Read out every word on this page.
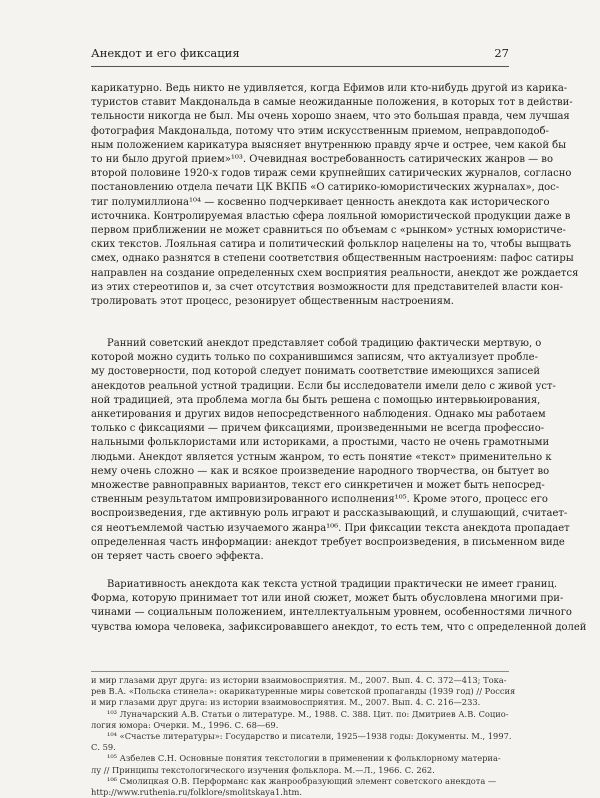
Анекдот и его фиксация	27
карикатурно. Ведь никто не удивляется, когда Ефимов или кто-нибудь другой из карика-
туристов ставит Макдональда в самые неожиданные положения, в которых тот в действи-
тельности никогда не был. Мы очень хорошо знаем, что это большая правда, чем лучшая
фотография Макдональда, потому что этим искусственным приемом, неправдоподоб-
ным положением карикатура выясняет внутреннюю правду ярче и острее, чем какой бы
то ни было другой прием»¹⁰³. Очевидная востребованность сатирических жанров — во
второй половине 1920-х годов тираж семи крупнейших сатирических журналов, согласно
постановлению отдела печати ЦК ВКПБ «О сатирико-юмористических журналах», дос-
тиг полумиллиона¹⁰⁴ — косвенно подчеркивает ценность анекдота как исторического
источника. Контролируемая властью сфера лояльной юмористической продукции даже в
первом приближении не может сравниться по объемам с «рынком» устных юмористиче-
ских текстов. Лояльная сатира и политический фольклор нацелены на то, чтобы выщвать
смех, однако разнятся в степени соответствия общественным настроениям: пафос сатиры
направлен на создание определенных схем восприятия реальности, анекдот же рождается
из этих стереотипов и, за счет отсутствия возможности для представителей власти кон-
тролировать этот процесс, резонирует общественным настроениям.
Ранний советский анекдот представляет собой традицию фактически мертвую, о
которой можно судить только по сохранившимся записям, что актуализует пробле-
му достоверности, под которой следует понимать соответствие имеющихся записей
анекдотов реальной устной традиции. Если бы исследователи имели дело с живой уст-
ной традицией, эта проблема могла бы быть решена с помощью интервьюирования,
анкетирования и других видов непосредственного наблюдения. Однако мы работаем
только с фиксациями — причем фиксациями, произведенными не всегда профессио-
нальными фольклористами или историками, а простыми, часто не очень грамотными
людьми. Анекдот является устным жанром, то есть понятие «текст» применительно к
нему очень сложно — как и всякое произведение народного творчества, он бытует во
множестве равноправных вариантов, текст его синкретичен и может быть непосред-
ственным результатом импровизированного исполнения¹⁰⁵. Кроме этого, процесс его
воспроизведения, где активную роль играют и рассказывающий, и слушающий, считает-
ся неотъемлемой частью изучаемого жанра¹⁰⁶. При фиксации текста анекдота пропадает
определенная часть информации: анекдот требует воспроизведения, в письменном виде
он теряет часть своего эффекта.
Вариативность анекдота как текста устной традиции практически не имеет границ.
Форма, которую принимает тот или иной сюжет, может быть обусловлена многими при-
чинами — социальным положением, интеллектуальным уровнем, особенностями личного
чувства юмора человека, зафиксировавшего анекдот, то есть тем, что с определенной долей
и мир глазами друг друга: из истории взаимовосприятия. М., 2007. Вып. 4. С. 372—413; Тока-
рев В.А. «Польска стинела»: окарикатуренные миры советской пропаганды (1939 год) // Россия
и мир глазами друг друга: из истории взаимовосприятия. М., 2007. Вып. 4. С. 216—233.
¹⁰³ Луначарский А.В. Статьи о литературе. М., 1988. С. 388. Цит. по: Дмитриев А.В. Социо-
логия юмора: Очерки. М., 1996. С. 68—69.
¹⁰⁴ «Счастье литературы»: Государство и писатели, 1925—1938 годы: Документы. М., 1997.
С. 59.
¹⁰⁵ Азбелев С.Н. Основные понятия текстологии в применении к фольклорному материа-
лу // Принципы текстологического изучения фольклора. М.—Л., 1966. С. 262.
¹⁰⁶ Смолицкая О.В. Перформанс как жанрообразующий элемент советского анекдота —
http://www.ruthenia.ru/folklore/smolitskaya1.htm.
